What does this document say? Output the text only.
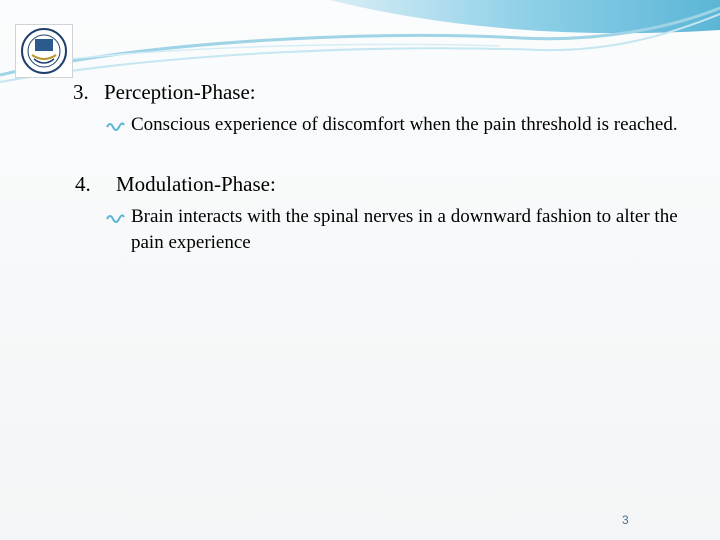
3. Perception-Phase:
Conscious experience of discomfort when the pain threshold is reached.
4. Modulation-Phase:
Brain interacts with the spinal nerves in a downward fashion to alter the pain experience
3
